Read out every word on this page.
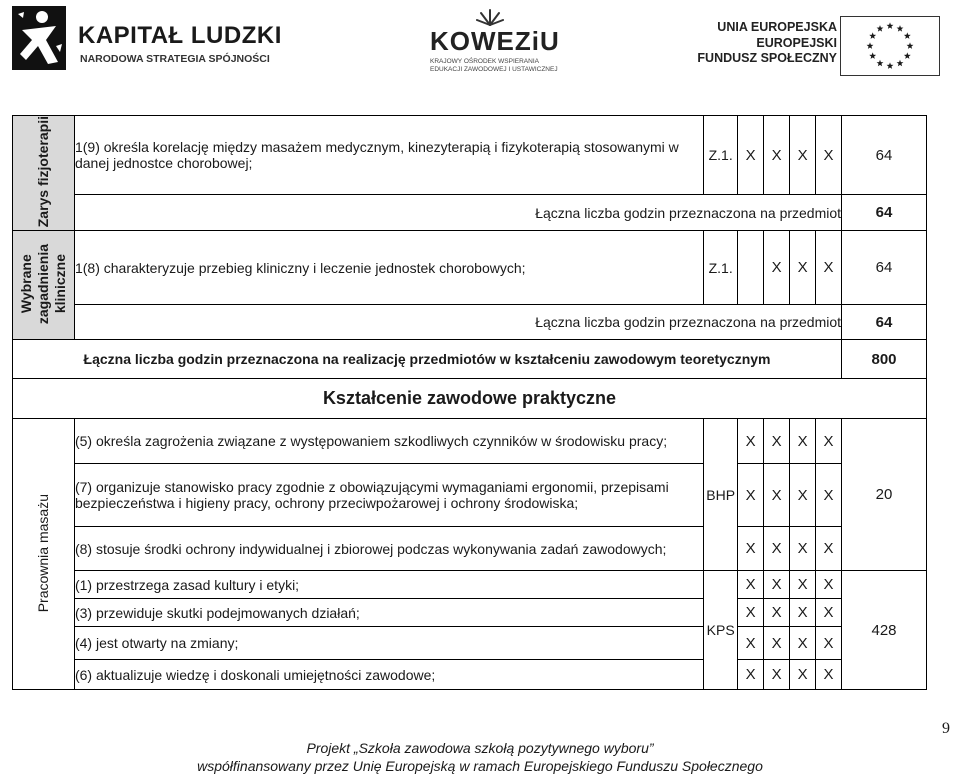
KAPITAŁ LUDZKI
NARODOWA STRATEGIA SPÓJNOŚCI
KOWEZiU
KRAJOWY OŚRODEK WSPIERANIA
EDUKACJI ZAWODOWEJ I USTAWICZNEJ
UNIA EUROPEJSKA
EUROPEJSKI
FUNDUSZ SPOŁECZNY
Zarys fizjoterapii	1(9) określa korelację między masażem medycznym, kinezyterapią i fizykoterapią stosowanymi w danej jednostce chorobowej;	Z.1.	X	X	X	X	64
	Łączna liczba godzin przeznaczona na przedmiot						64
Wybrane
zagadnienia
kliniczne	1(8) charakteryzuje przebieg kliniczny i leczenie jednostek chorobowych;	Z.1.		X	X	X	64
	Łączna liczba godzin przeznaczona na przedmiot						64
Łączna liczba godzin przeznaczona na realizację przedmiotów w kształceniu zawodowym teoretycznym							800
Kształcenie zawodowe praktyczne							
Pracownia masażu	(5) określa zagrożenia związane z występowaniem szkodliwych czynników w środowisku pracy;	BHP	X	X	X	X	20
	(7) organizuje stanowisko pracy zgodnie z obowiązującymi wymaganiami ergonomii, przepisami bezpieczeństwa i higieny pracy, ochrony przeciwpożarowej i ochrony środowiska;		X	X	X	X	
	(8) stosuje środki ochrony indywidualnej i zbiorowej podczas wykonywania zadań zawodowych;		X	X	X	X	
	(1) przestrzega zasad kultury i etyki;	KPS	X	X	X	X	428
	(3) przewiduje skutki podejmowanych działań;		X	X	X	X	
	(4) jest otwarty na zmiany;		X	X	X	X	
	(6) aktualizuje wiedzę i doskonali umiejętności zawodowe;		X	X	X	X	
9
Projekt „Szkoła zawodowa szkołą pozytywnego wyboru”
współfinansowany przez Unię Europejską w ramach Europejskiego Funduszu Społecznego
